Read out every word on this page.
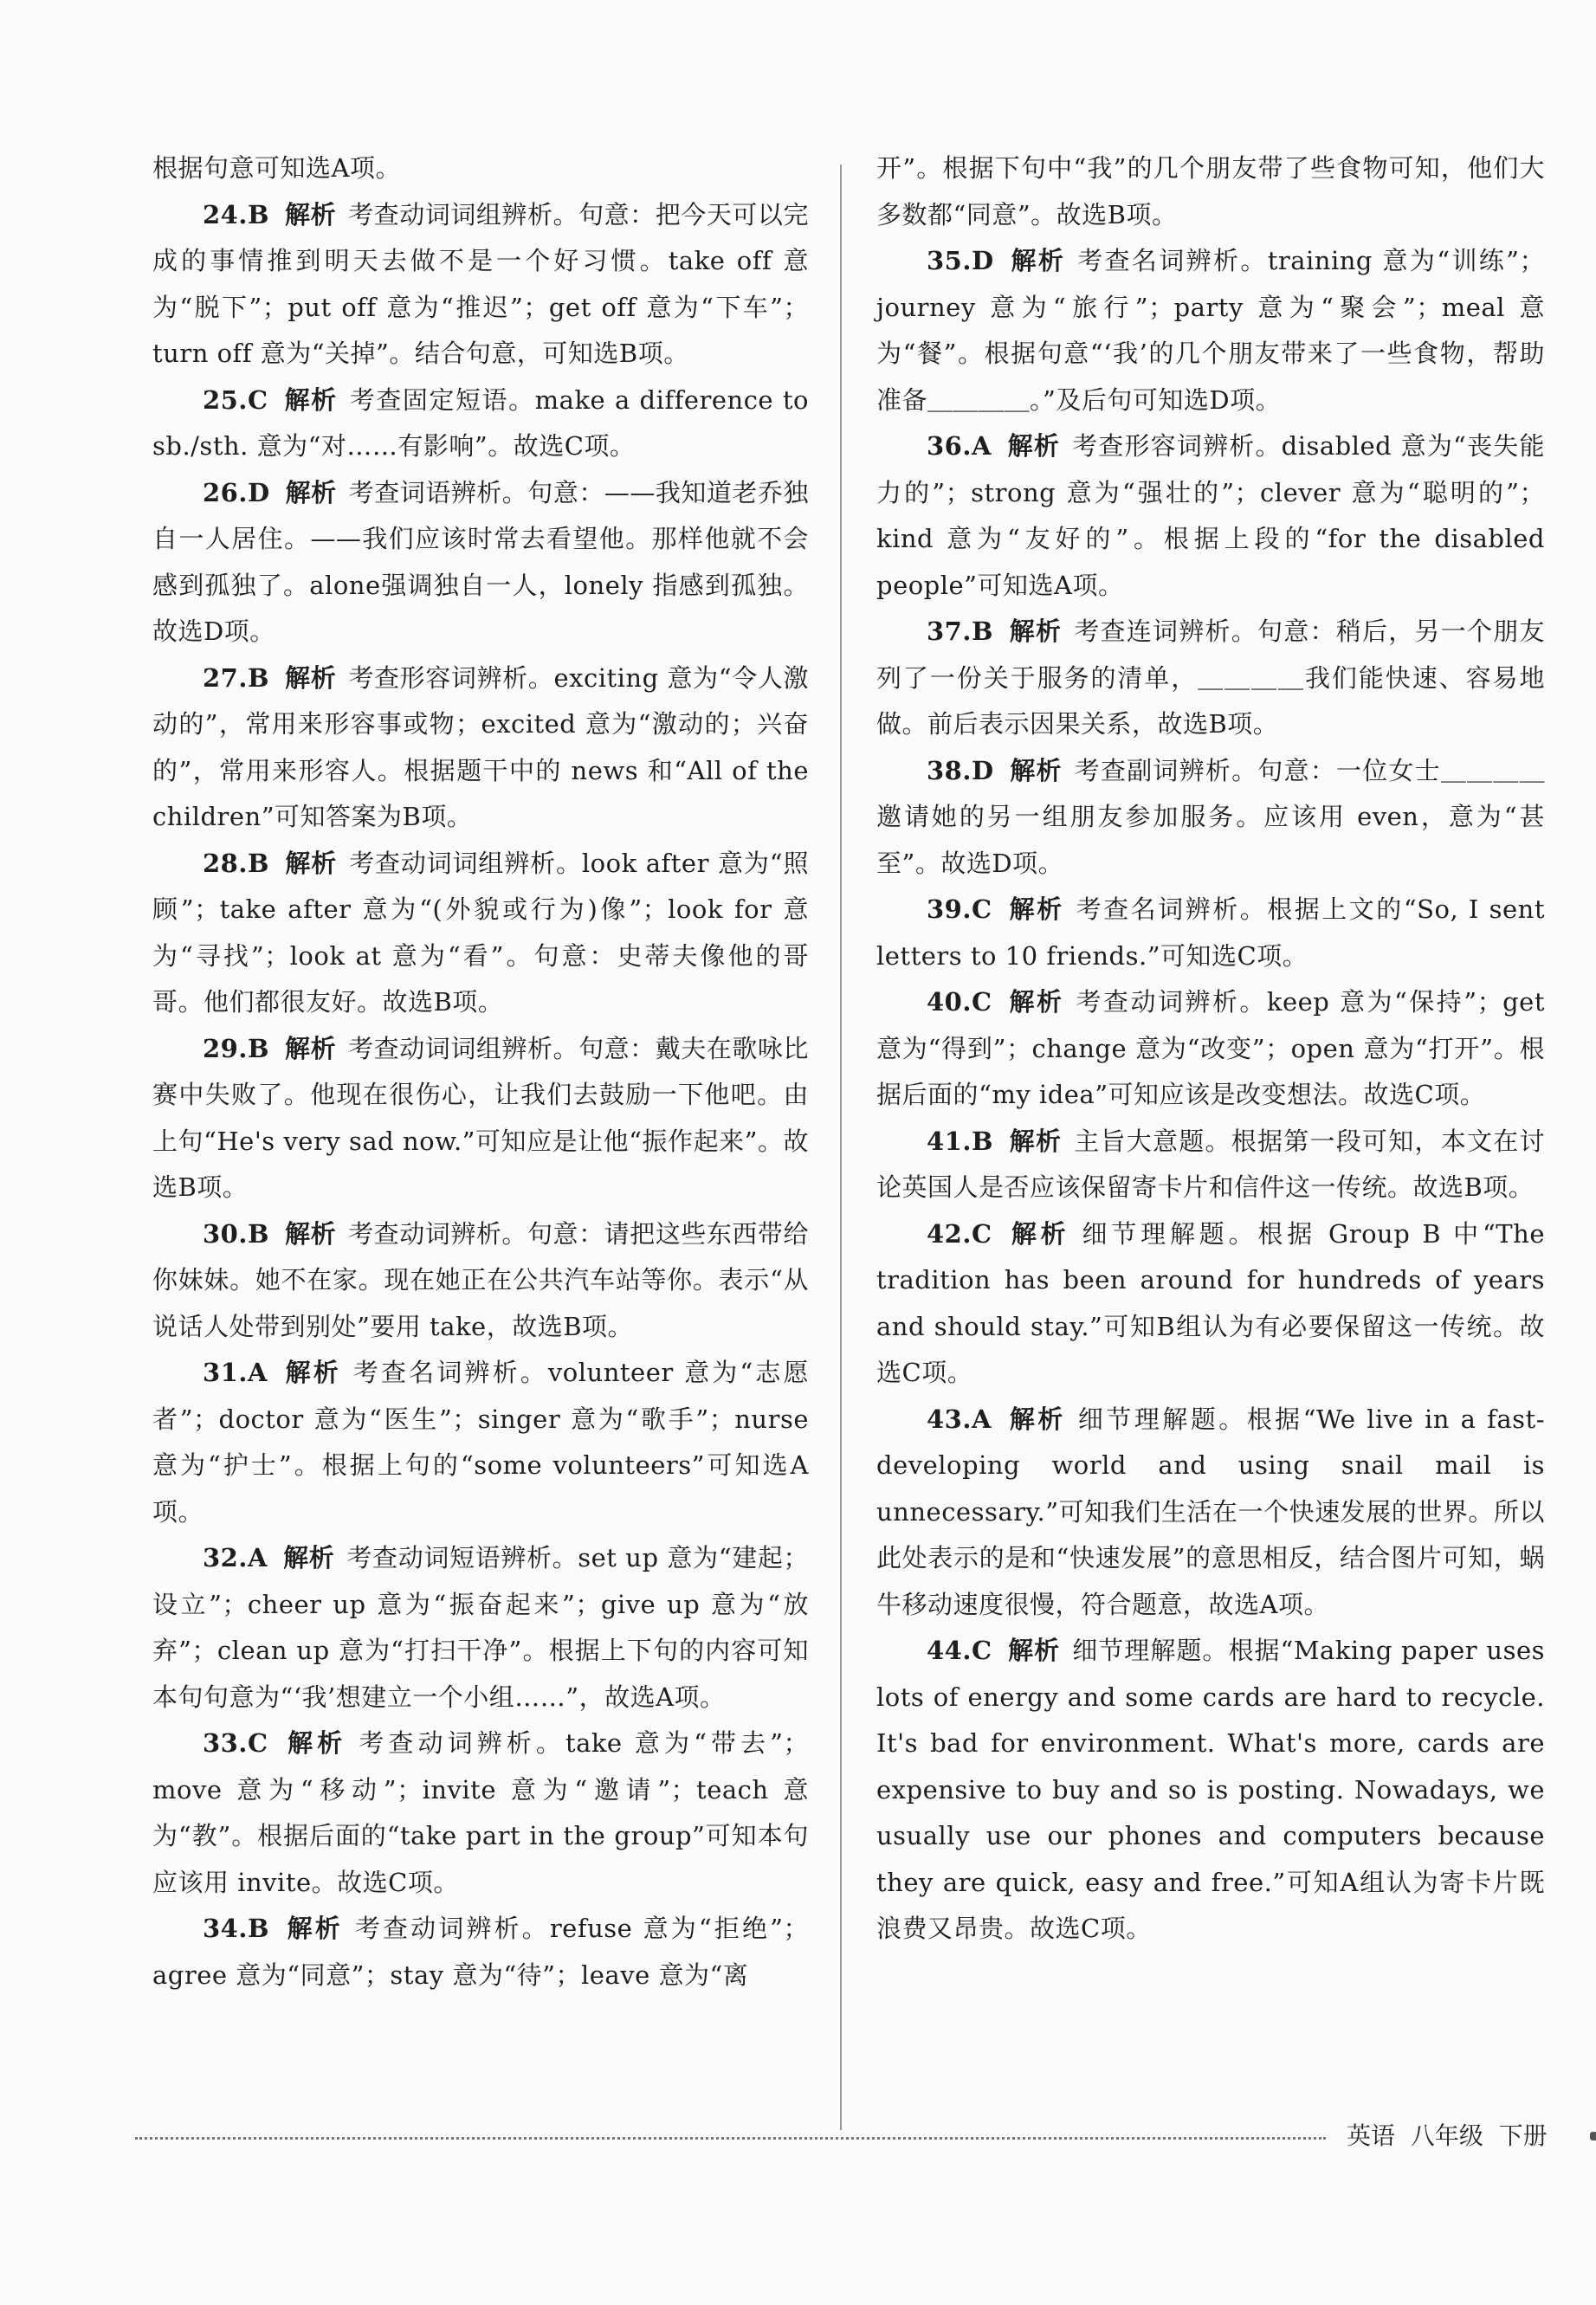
根据句意可知选A项。

24.B 解析 考查动词词组辨析。句意：把今天可以完成的事情推到明天去做不是一个好习惯。take off 意为“脱下”；put off 意为“推迟”；get off 意为“下车”；turn off 意为“关掉”。结合句意，可知选B项。

25.C 解析 考查固定短语。make a difference to sb./sth. 意为“对……有影响”。故选C项。

26.D 解析 考查词语辨析。句意：——我知道老乔独自一人居住。——我们应该时常去看望他。那样他就不会感到孤独了。alone强调独自一人，lonely 指感到孤独。故选D项。

27.B 解析 考查形容词辨析。exciting 意为“令人激动的”，常用来形容事或物；excited 意为“激动的；兴奋的”，常用来形容人。根据题干中的 news 和“All of the children”可知答案为B项。

28.B 解析 考查动词词组辨析。look after 意为“照顾”；take after 意为“(外貌或行为)像”；look for 意为“寻找”；look at 意为“看”。句意：史蒂夫像他的哥哥。他们都很友好。故选B项。

29.B 解析 考查动词词组辨析。句意：戴夫在歌咏比赛中失败了。他现在很伤心，让我们去鼓励一下他吧。由上句“He's very sad now.”可知应是让他“振作起来”。故选B项。

30.B 解析 考查动词辨析。句意：请把这些东西带给你妹妹。她不在家。现在她正在公共汽车站等你。表示“从说话人处带到别处”要用 take，故选B项。

31.A 解析 考查名词辨析。volunteer 意为“志愿者”；doctor 意为“医生”；singer 意为“歌手”；nurse 意为“护士”。根据上句的“some volunteers”可知选A项。

32.A 解析 考查动词短语辨析。set up 意为“建起；设立”；cheer up 意为“振奋起来”；give up 意为“放弃”；clean up 意为“打扫干净”。根据上下句的内容可知本句句意为“‘我’想建立一个小组……”，故选A项。

33.C 解析 考查动词辨析。take 意为“带去”；move 意为“移动”；invite 意为“邀请”；teach 意为“教”。根据后面的“take part in the group”可知本句应该用 invite。故选C项。

34.B 解析 考查动词辨析。refuse 意为“拒绝”；agree 意为“同意”；stay 意为“待”；leave 意为“离

开”。根据下句中“我”的几个朋友带了些食物可知，他们大多数都“同意”。故选B项。

35.D 解析 考查名词辨析。training 意为“训练”；journey 意为“旅行”；party 意为“聚会”；meal 意为“餐”。根据句意“‘我’的几个朋友带来了一些食物，帮助准备＿＿＿＿。”及后句可知选D项。

36.A 解析 考查形容词辨析。disabled 意为“丧失能力的”；strong 意为“强壮的”；clever 意为“聪明的”；kind 意为“友好的”。根据上段的“for the disabled people”可知选A项。

37.B 解析 考查连词辨析。句意：稍后，另一个朋友列了一份关于服务的清单，＿＿＿＿我们能快速、容易地做。前后表示因果关系，故选B项。

38.D 解析 考查副词辨析。句意：一位女士＿＿＿＿邀请她的另一组朋友参加服务。应该用 even，意为“甚至”。故选D项。

39.C 解析 考查名词辨析。根据上文的“So, I sent letters to 10 friends.”可知选C项。

40.C 解析 考查动词辨析。keep 意为“保持”；get 意为“得到”；change 意为“改变”；open 意为“打开”。根据后面的“my idea”可知应该是改变想法。故选C项。

41.B 解析 主旨大意题。根据第一段可知，本文在讨论英国人是否应该保留寄卡片和信件这一传统。故选B项。

42.C 解析 细节理解题。根据 Group B 中“The tradition has been around for hundreds of years and should stay.”可知B组认为有必要保留这一传统。故选C项。

43.A 解析 细节理解题。根据“We live in a fast-developing world and using snail mail is unnecessary.”可知我们生活在一个快速发展的世界。所以此处表示的是和“快速发展”的意思相反，结合图片可知，蜗牛移动速度很慢，符合题意，故选A项。

44.C 解析 细节理解题。根据“Making paper uses lots of energy and some cards are hard to recycle. It's bad for environment. What's more, cards are expensive to buy and so is posting. Nowadays, we usually use our phones and computers because they are quick, easy and free.”可知A组认为寄卡片既浪费又昂贵。故选C项。

英语 八年级 下册
